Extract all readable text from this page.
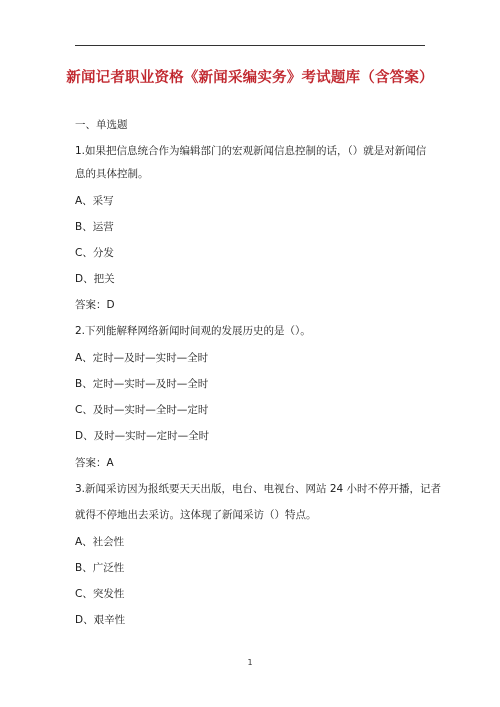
新闻记者职业资格《新闻采编实务》考试题库（含答案）
一、单选题
1.如果把信息统合作为编辑部门的宏观新闻信息控制的话，（）就是对新闻信
息的具体控制。
A、采写
B、运营
C、分发
D、把关
答案：D
2.下列能解释网络新闻时间观的发展历史的是（）。
A、定时—及时—实时—全时
B、定时—实时—及时—全时
C、及时—实时—全时—定时
D、及时—实时—定时—全时
答案：A
3.新闻采访因为报纸要天天出版，电台、电视台、网站 24 小时不停开播，记者
就得不停地出去采访。这体现了新闻采访（）特点。
A、社会性
B、广泛性
C、突发性
D、艰辛性
1
